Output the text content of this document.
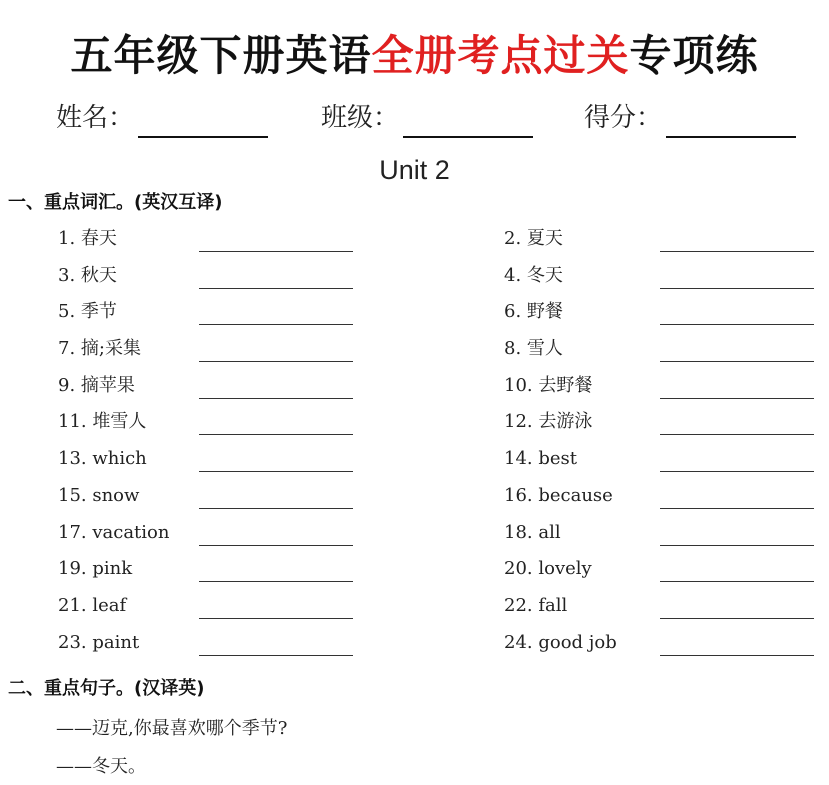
五年级下册英语全册考点过关专项练
姓名：	班级：	得分：
Unit 2
一、重点词汇。(英汉互译)
1. 春天	2. 夏天
3. 秋天	4. 冬天
5. 季节	6. 野餐
7. 摘;采集	8. 雪人
9. 摘苹果	10. 去野餐
11. 堆雪人	12. 去游泳
13. which	14. best
15. snow	16. because
17. vacation	18. all
19. pink	20. lovely
21. leaf	22. fall
23. paint	24. good job
二、重点句子。(汉译英)
——迈克,你最喜欢哪个季节?
——冬天。
